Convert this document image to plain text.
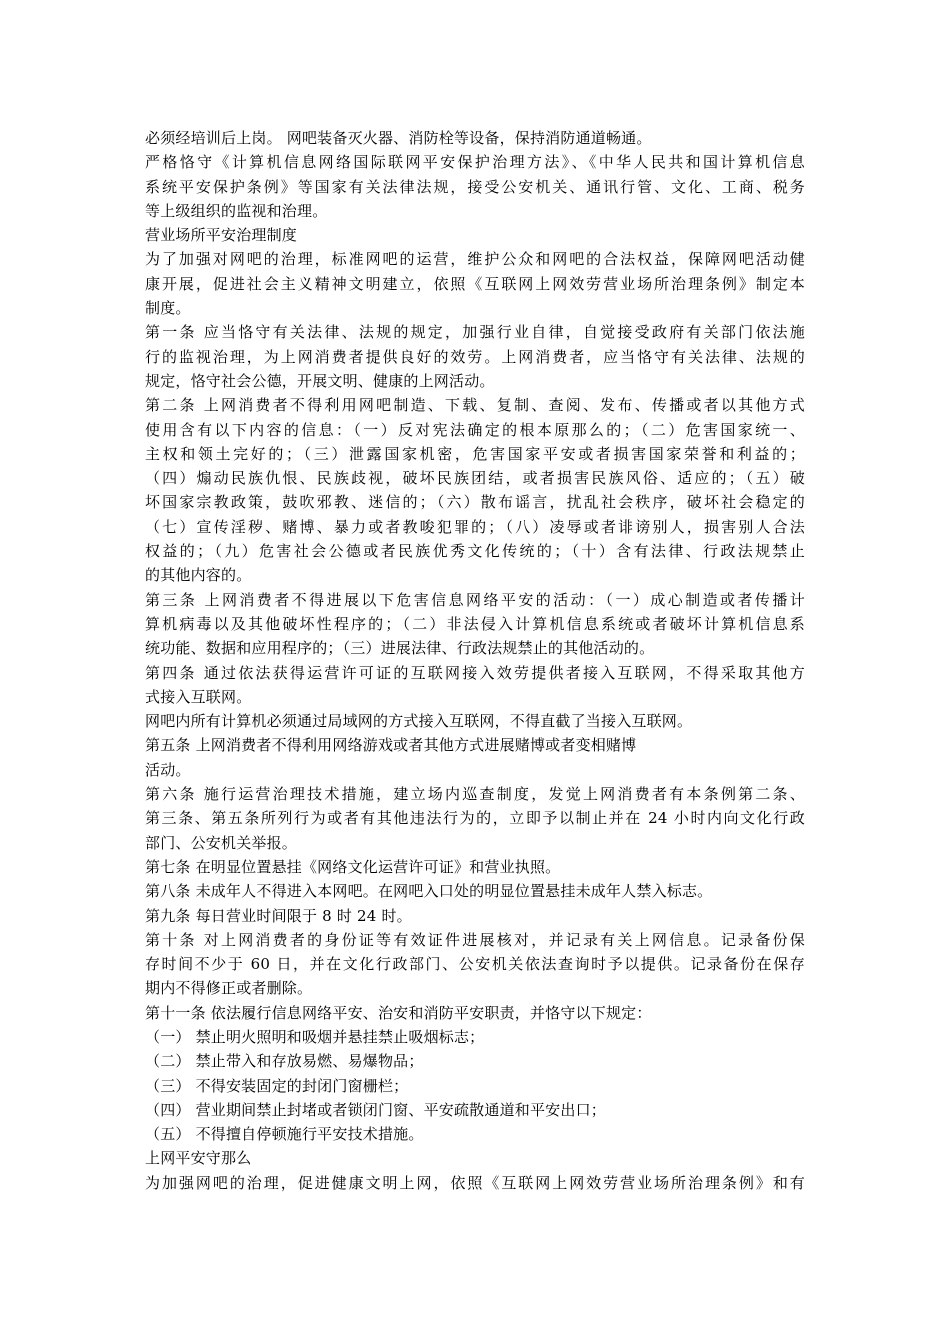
必须经培训后上岗。 网吧装备灭火器、消防栓等设备，保持消防通道畅通。
严格恪守《计算机信息网络国际联网平安保护治理方法》、《中华人民共和国计算机信息
系统平安保护条例》等国家有关法律法规，接受公安机关、通讯行管、文化、工商、税务
等上级组织的监视和治理。
营业场所平安治理制度
为了加强对网吧的治理，标准网吧的运营，维护公众和网吧的合法权益，保障网吧活动健
康开展，促进社会主义精神文明建立，依照《互联网上网效劳营业场所治理条例》制定本
制度。
第一条 应当恪守有关法律、法规的规定，加强行业自律，自觉接受政府有关部门依法施
行的监视治理，为上网消费者提供良好的效劳。上网消费者，应当恪守有关法律、法规的
规定，恪守社会公德，开展文明、健康的上网活动。
第二条 上网消费者不得利用网吧制造、下载、复制、查阅、发布、传播或者以其他方式
使用含有以下内容的信息：（一）反对宪法确定的根本原那么的；（二）危害国家统一、
主权和领土完好的；（三）泄露国家机密，危害国家平安或者损害国家荣誉和利益的；
（四）煽动民族仇恨、民族歧视，破坏民族团结，或者损害民族风俗、适应的；（五）破
坏国家宗教政策，鼓吹邪教、迷信的；（六）散布谣言，扰乱社会秩序，破坏社会稳定的
（七）宣传淫秽、赌博、暴力或者教唆犯罪的；（八）凌辱或者诽谤别人，损害别人合法
权益的；（九）危害社会公德或者民族优秀文化传统的；（十）含有法律、行政法规禁止
的其他内容的。
第三条 上网消费者不得进展以下危害信息网络平安的活动：（一）成心制造或者传播计
算机病毒以及其他破坏性程序的；（二）非法侵入计算机信息系统或者破坏计算机信息系
统功能、数据和应用程序的；（三）进展法律、行政法规禁止的其他活动的。
第四条 通过依法获得运营许可证的互联网接入效劳提供者接入互联网，不得采取其他方
式接入互联网。
网吧内所有计算机必须通过局域网的方式接入互联网，不得直截了当接入互联网。
第五条 上网消费者不得利用网络游戏或者其他方式进展赌博或者变相赌博
活动。
第六条 施行运营治理技术措施，建立场内巡查制度，发觉上网消费者有本条例第二条、
第三条、第五条所列行为或者有其他违法行为的，立即予以制止并在 24 小时内向文化行政
部门、公安机关举报。
第七条 在明显位置悬挂《网络文化运营许可证》和营业执照。
第八条 未成年人不得进入本网吧。在网吧入口处的明显位置悬挂未成年人禁入标志。
第九条 每日营业时间限于 8 时 24 时。
第十条 对上网消费者的身份证等有效证件进展核对，并记录有关上网信息。记录备份保
存时间不少于 60 日，并在文化行政部门、公安机关依法查询时予以提供。记录备份在保存
期内不得修正或者删除。
第十一条 依法履行信息网络平安、治安和消防平安职责，并恪守以下规定：
（一） 禁止明火照明和吸烟并悬挂禁止吸烟标志；
（二） 禁止带入和存放易燃、易爆物品；
（三） 不得安装固定的封闭门窗栅栏；
（四） 营业期间禁止封堵或者锁闭门窗、平安疏散通道和平安出口；
（五） 不得擅自停顿施行平安技术措施。
上网平安守那么
为加强网吧的治理，促进健康文明上网，依照《互联网上网效劳营业场所治理条例》和有
